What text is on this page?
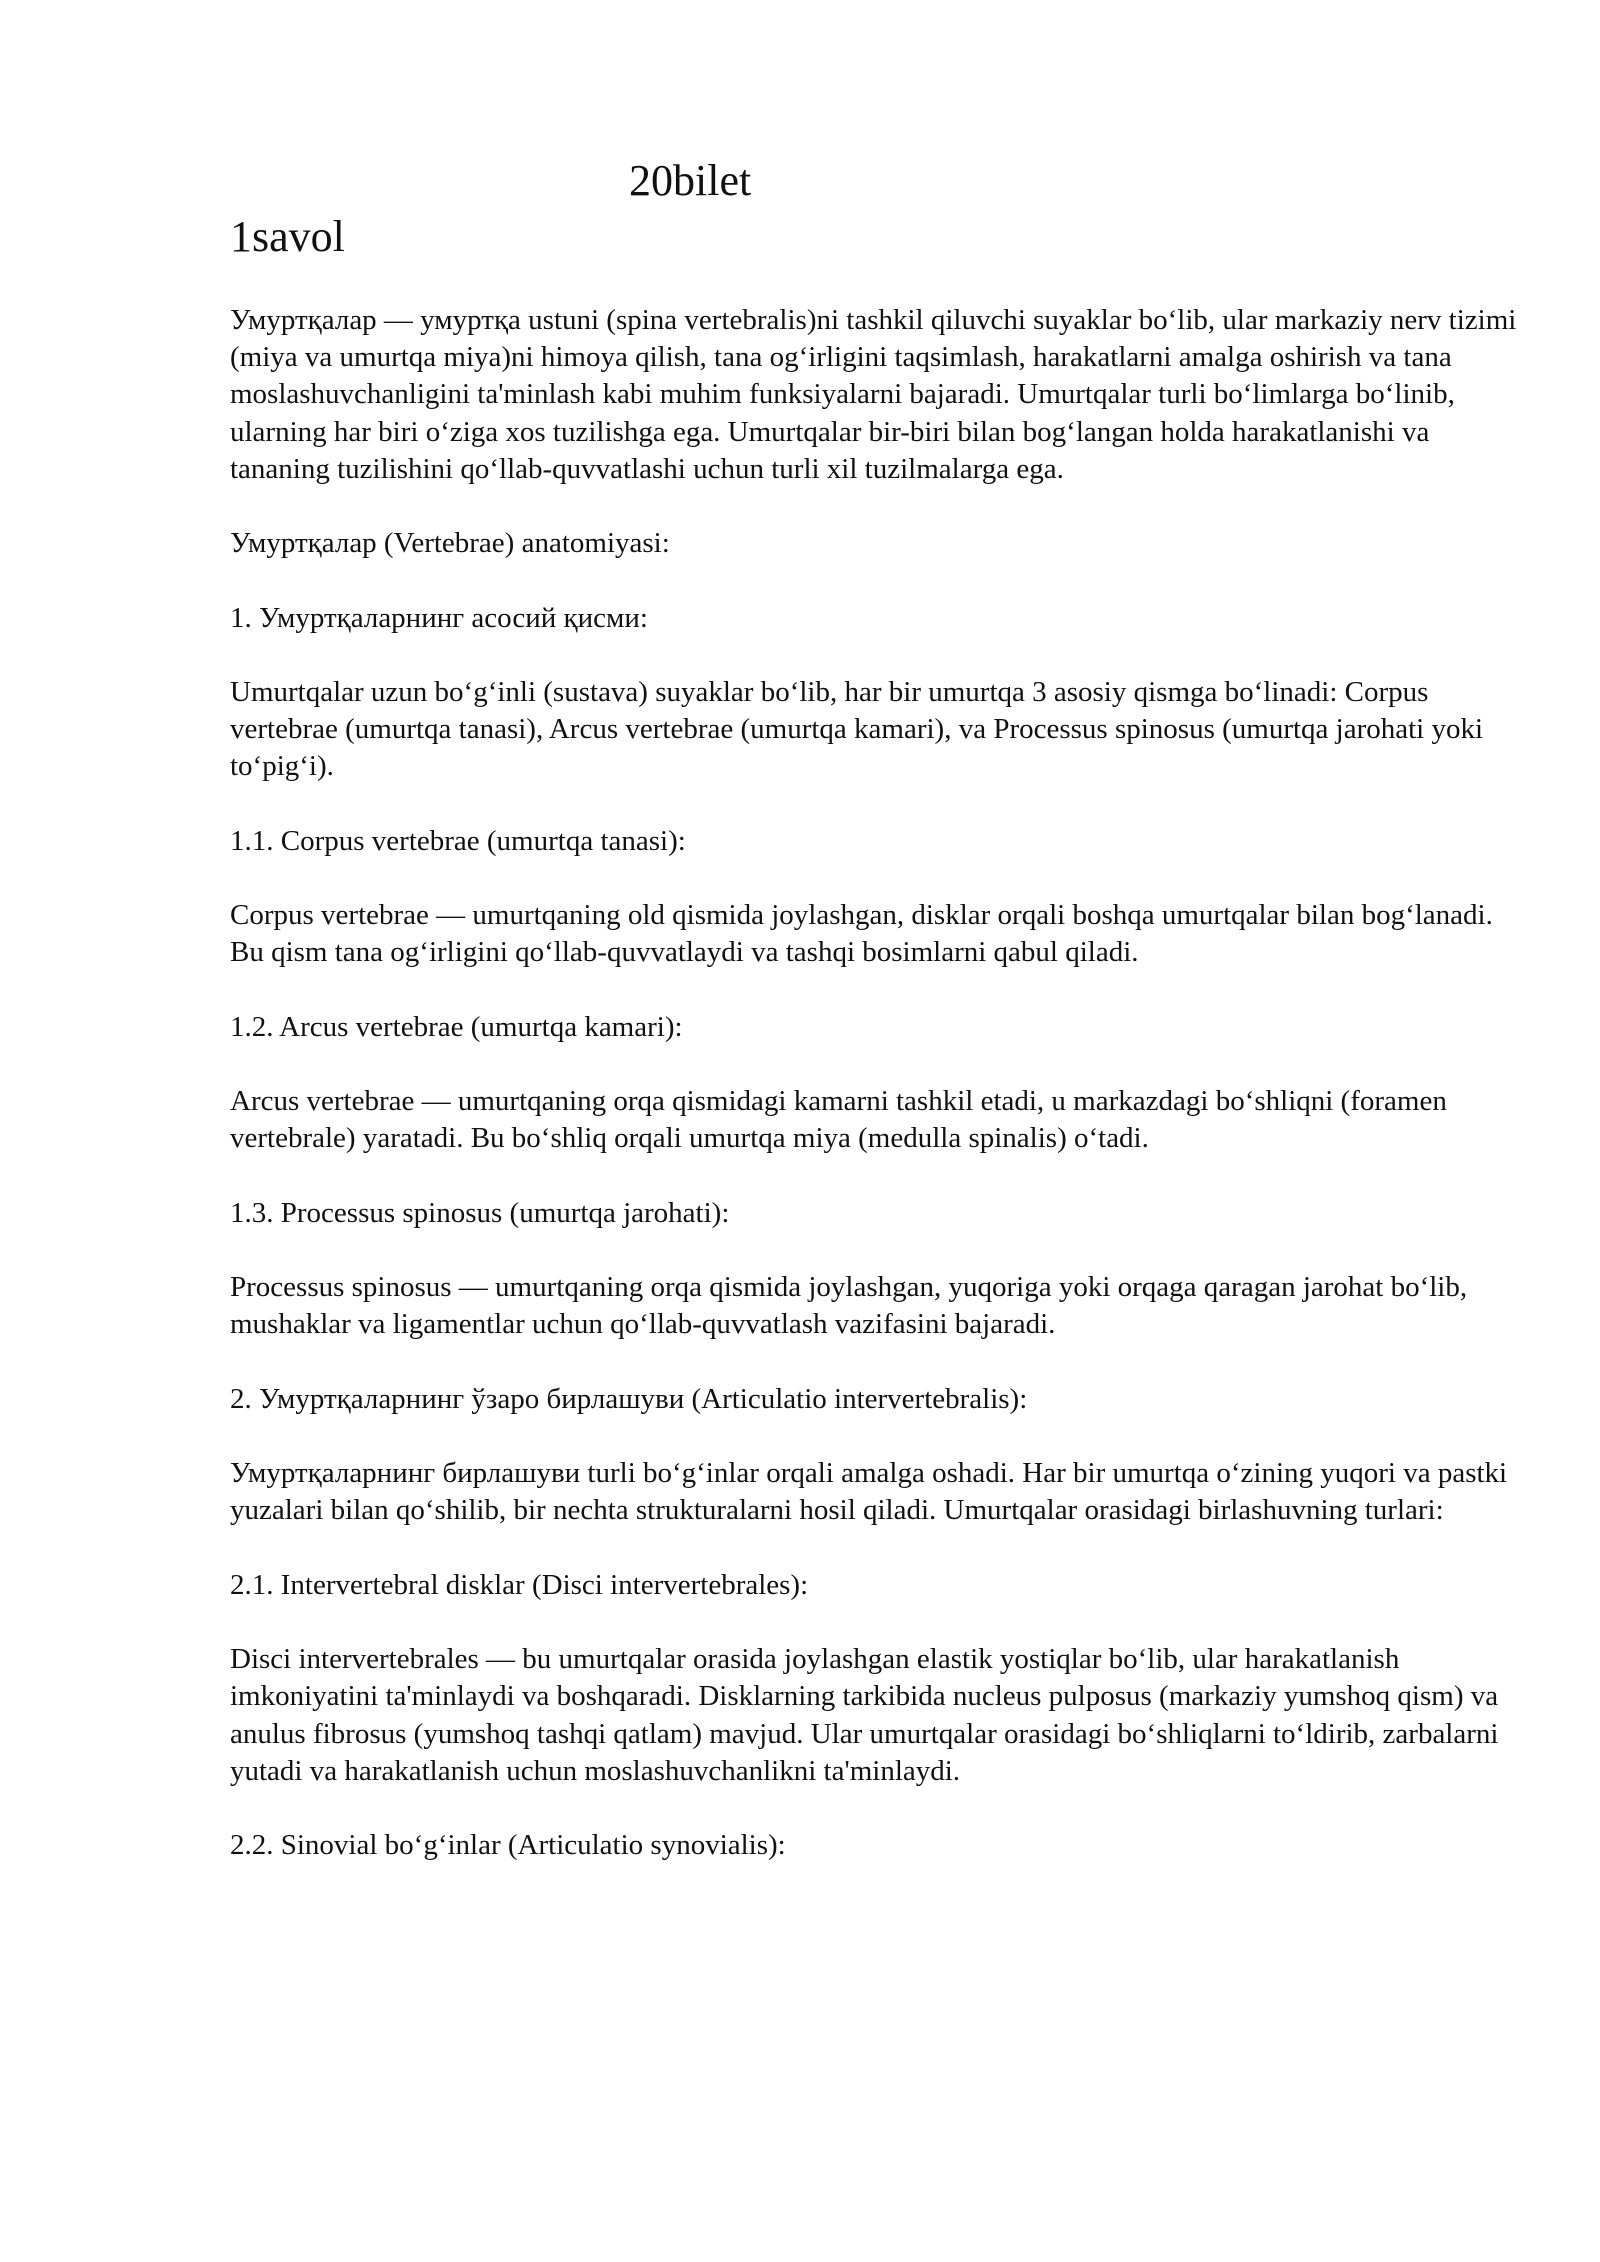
20bilet
1savol

Умуртқалар — умуртқа ustuni (spina vertebralis)ni tashkil qiluvchi suyaklar bo‘lib, ular markaziy nerv tizimi (miya va umurtqa miya)ni himoya qilish, tana og‘irligini taqsimlash, harakatlarni amalga oshirish va tana moslashuvchanligini ta'minlash kabi muhim funksiyalarni bajaradi. Umurtqalar turli bo‘limlarga bo‘linib, ularning har biri o‘ziga xos tuzilishga ega. Umurtqalar bir-biri bilan bog‘langan holda harakatlanishi va tananing tuzilishini qo‘llab-quvvatlashi uchun turli xil tuzilmalarga ega.

Умуртқалар (Vertebrae) anatomiyasi:

1. Умуртқаларнинг асосий қисми:

Umurtqalar uzun bo‘g‘inli (sustava) suyaklar bo‘lib, har bir umurtqa 3 asosiy qismga bo‘linadi: Corpus vertebrae (umurtqa tanasi), Arcus vertebrae (umurtqa kamari), va Processus spinosus (umurtqa jarohati yoki to‘pig‘i).

1.1. Corpus vertebrae (umurtqa tanasi):

Corpus vertebrae — umurtqaning old qismida joylashgan, disklar orqali boshqa umurtqalar bilan bog‘lanadi. Bu qism tana og‘irligini qo‘llab-quvvatlaydi va tashqi bosimlarni qabul qiladi.

1.2. Arcus vertebrae (umurtqa kamari):

Arcus vertebrae — umurtqaning orqa qismidagi kamarni tashkil etadi, u markazdagi bo‘shliqni (foramen vertebrale) yaratadi. Bu bo‘shliq orqali umurtqa miya (medulla spinalis) o‘tadi.

1.3. Processus spinosus (umurtqa jarohati):

Processus spinosus — umurtqaning orqa qismida joylashgan, yuqoriga yoki orqaga qaragan jarohat bo‘lib, mushaklar va ligamentlar uchun qo‘llab-quvvatlash vazifasini bajaradi.

2. Умуртқаларнинг ўзаро бирлашуви (Articulatio intervertebralis):

Умуртқаларнинг бирлашуви turli bo‘g‘inlar orqali amalga oshadi. Har bir umurtqa o‘zining yuqori va pastki yuzalari bilan qo‘shilib, bir nechta strukturalarni hosil qiladi. Umurtqalar orasidagi birlashuvning turlari:

2.1. Intervertebral disklar (Disci intervertebrales):

Disci intervertebrales — bu umurtqalar orasida joylashgan elastik yostiqlar bo‘lib, ular harakatlanish imkoniyatini ta'minlaydi va boshqaradi. Disklarning tarkibida nucleus pulposus (markaziy yumshoq qism) va anulus fibrosus (yumshoq tashqi qatlam) mavjud. Ular umurtqalar orasidagi bo‘shliqlarni to‘ldirib, zarbalarni yutadi va harakatlanish uchun moslashuvchanlikni ta'minlaydi.

2.2. Sinovial bo‘g‘inlar (Articulatio synovialis):
